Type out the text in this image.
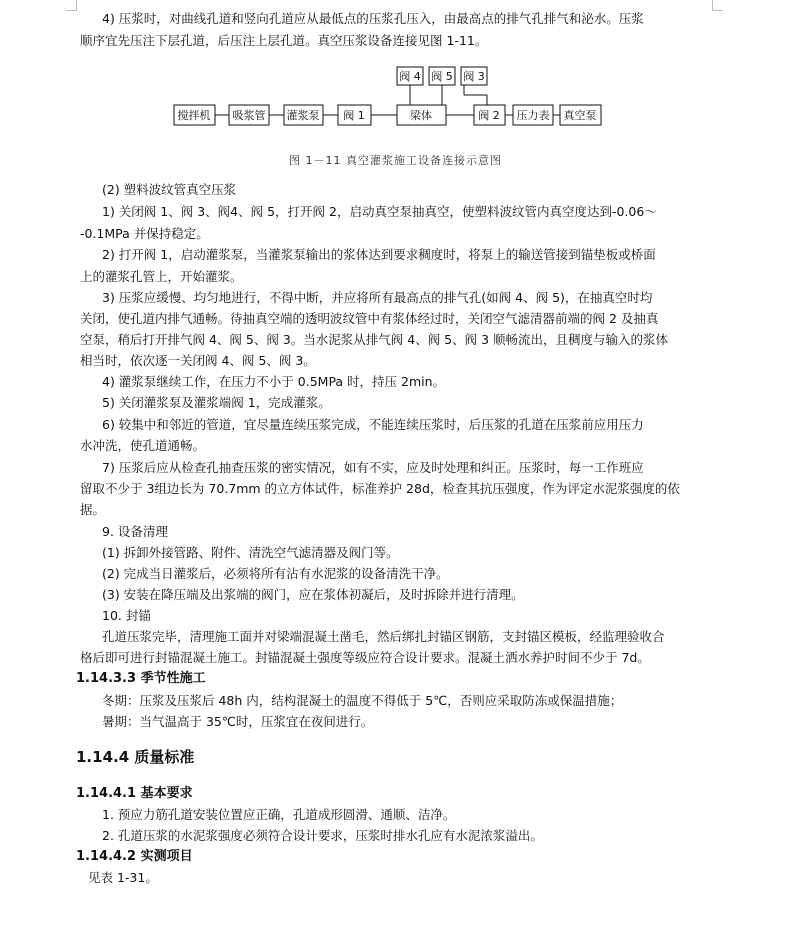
4) 压浆时，对曲线孔道和竖向孔道应从最低点的压浆孔压入，由最高点的排气孔排气和泌水。压浆
顺序宜先压注下层孔道，后压注上层孔道。真空压浆设备连接见图 1-11。
搅拌机 吸浆管 灌浆泵 阀 1	梁体	阀 2 压力表 真空泵
阀 4 阀 5 阀 3
图 1－11 真空灌浆施工设备连接示意图
(2) 塑料波纹管真空压浆
1) 关闭阀 1、阀 3、阀4、阀 5，打开阀 2，启动真空泵抽真空，使塑料波纹管内真空度达到-0.06～
-0.1MPa 并保持稳定。
2) 打开阀 1，启动灌浆泵，当灌浆泵输出的浆体达到要求稠度时，将泵上的输送管接到锚垫板或桥面
上的灌浆孔管上，开始灌浆。
3) 压浆应缓慢、均匀地进行，不得中断，并应将所有最高点的排气孔(如阀 4、阀 5)，在抽真空时均
关闭，使孔道内排气通畅。待抽真空端的透明波纹管中有浆体经过时，关闭空气滤清器前端的阀 2 及抽真
空泵，稍后打开排气阀 4、阀 5、阀 3。当水泥浆从排气阀 4、阀 5、阀 3 顺畅流出，且稠度与输入的浆体
相当时，依次逐一关闭阀 4、阀 5、阀 3。
4) 灌浆泵继续工作，在压力不小于 0.5MPa 时，持压 2min。
5) 关闭灌浆泵及灌浆端阀 1，完成灌浆。
6) 较集中和邻近的管道，宜尽量连续压浆完成，不能连续压浆时，后压浆的孔道在压浆前应用压力
水冲洗，使孔道通畅。
7) 压浆后应从检查孔抽查压浆的密实情况，如有不实，应及时处理和纠正。压浆时，每一工作班应
留取不少于 3组边长为 70.7mm 的立方体试件，标准养护 28d，检查其抗压强度，作为评定水泥浆强度的依
据。
9. 设备清理
(1) 拆卸外接管路、附件、清洗空气滤清器及阀门等。
(2) 完成当日灌浆后，必须将所有沾有水泥浆的设备清洗干净。
(3) 安装在降压端及出浆端的阀门，应在浆体初凝后，及时拆除并进行清理。
10. 封锚
孔道压浆完毕，清理施工面并对梁端混凝土凿毛，然后绑扎封锚区钢筋，支封锚区模板，经监理验收合
格后即可进行封锚混凝土施工。封锚混凝土强度等级应符合设计要求。混凝土洒水养护时间不少于 7d。
1.14.3.3 季节性施工
冬期：压浆及压浆后 48h 内，结构混凝土的温度不得低于 5℃，否则应采取防冻或保温措施；
暑期：当气温高于 35℃时，压浆宜在夜间进行。
1.14.4 质量标准
1.14.4.1 基本要求
1. 预应力筋孔道安装位置应正确，孔道成形圆滑、通顺、洁净。
2. 孔道压浆的水泥浆强度必须符合设计要求，压浆时排水孔应有水泥浓浆溢出。
1.14.4.2 实测项目
见表 1-31。
